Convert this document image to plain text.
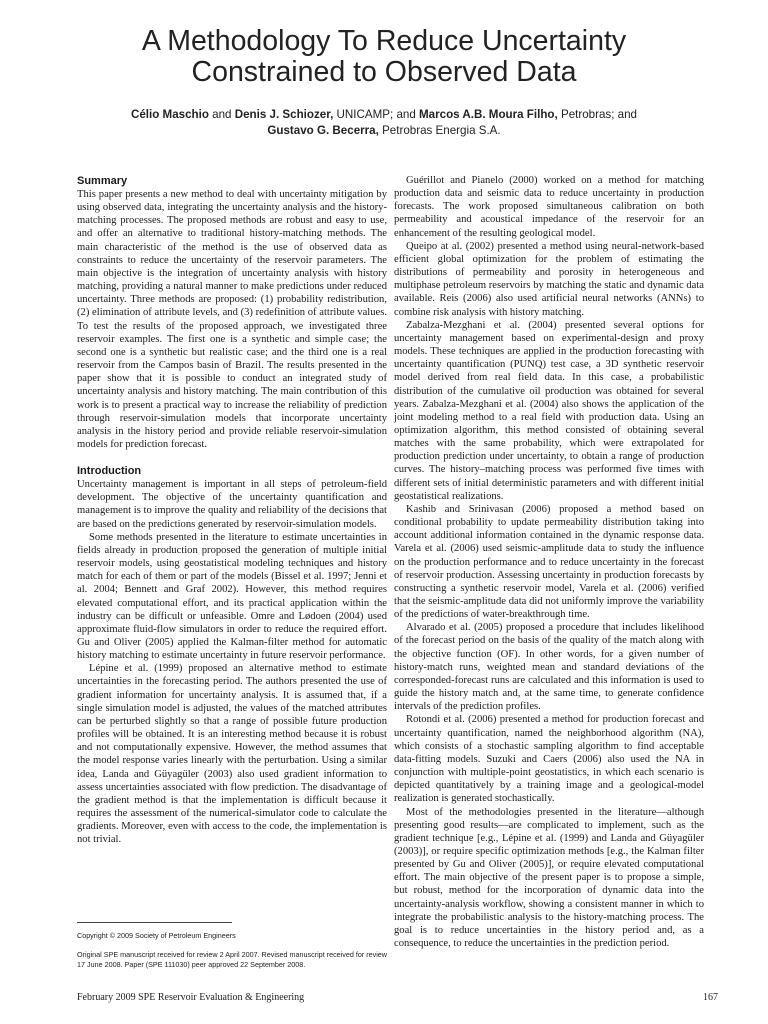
A Methodology To Reduce Uncertainty
Constrained to Observed Data
Célio Maschio and Denis J. Schiozer, UNICAMP; and Marcos A.B. Moura Filho, Petrobras; and
Gustavo G. Becerra, Petrobras Energia S.A.
Summary

This paper presents a new method to deal with uncertainty mitigation by using observed data, integrating the uncertainty analysis and the history-matching processes. The proposed methods are robust and easy to use, and offer an alternative to traditional history-matching methods. The main characteristic of the method is the use of observed data as constraints to reduce the uncertainty of the reservoir parameters. The main objective is the integration of uncertainty analysis with history matching, providing a natural manner to make predictions under reduced uncertainty. Three methods are proposed: (1) probability redistribution, (2) elimination of attribute levels, and (3) redefinition of attribute values. To test the results of the proposed approach, we investigated three reservoir examples. The first one is a synthetic and simple case; the second one is a synthetic but realistic case; and the third one is a real reservoir from the Campos basin of Brazil. The results presented in the paper show that it is possible to conduct an integrated study of uncertainty analysis and history matching. The main contribution of this work is to present a practical way to increase the reliability of prediction through reservoir-simulation models that incorporate uncertainty analysis in the history period and provide reliable reservoir-simulation models for prediction forecast.

Introduction

Uncertainty management is important in all steps of petroleum-field development. The objective of the uncertainty quantification and management is to improve the quality and reliability of the decisions that are based on the predictions generated by reservoir-simulation models.

Some methods presented in the literature to estimate uncertainties in fields already in production proposed the generation of multiple initial reservoir models, using geostatistical modeling techniques and history match for each of them or part of the models (Bissel et al. 1997; Jenni et al. 2004; Bennett and Graf 2002). However, this method requires elevated computational effort, and its practical application within the industry can be difficult or unfeasible. Omre and Lødoen (2004) used approximate fluid-flow simulators in order to reduce the required effort. Gu and Oliver (2005) applied the Kalman-filter method for automatic history matching to estimate uncertainty in future reservoir performance.

Lépine et al. (1999) proposed an alternative method to estimate uncertainties in the forecasting period. The authors presented the use of gradient information for uncertainty analysis. It is assumed that, if a single simulation model is adjusted, the values of the matched attributes can be perturbed slightly so that a range of possible future production profiles will be obtained. It is an interesting method because it is robust and not computationally expensive. However, the method assumes that the model response varies linearly with the perturbation. Using a similar idea, Landa and Güyagüler (2003) also used gradient information to assess uncertainties associated with flow prediction. The disadvantage of the gradient method is that the implementation is difficult because it requires the assessment of the numerical-simulator code to calculate the gradients. Moreover, even with access to the code, the implementation is not trivial.

Guérillot and Pianelo (2000) worked on a method for matching production data and seismic data to reduce uncertainty in production forecasts. The work proposed simultaneous calibration on both permeability and acoustical impedance of the reservoir for an enhancement of the resulting geological model.

Queipo at al. (2002) presented a method using neural-network-based efficient global optimization for the problem of estimating the distributions of permeability and porosity in heterogeneous and multiphase petroleum reservoirs by matching the static and dynamic data available. Reis (2006) also used artificial neural networks (ANNs) to combine risk analysis with history matching.

Zabalza-Mezghani et al. (2004) presented several options for uncertainty management based on experimental-design and proxy models. These techniques are applied in the production forecasting with uncertainty quantification (PUNQ) test case, a 3D synthetic reservoir model derived from real field data. In this case, a probabilistic distribution of the cumulative oil production was obtained for several years. Zabalza-Mezghani et al. (2004) also shows the application of the joint modeling method to a real field with production data. Using an optimization algorithm, this method consisted of obtaining several matches with the same probability, which were extrapolated for production prediction under uncertainty, to obtain a range of production curves. The history–matching process was performed five times with different sets of initial deterministic parameters and with different initial geostatistical realizations.

Kashib and Srinivasan (2006) proposed a method based on conditional probability to update permeability distribution taking into account additional information contained in the dynamic response data. Varela et al. (2006) used seismic-amplitude data to study the influence on the production performance and to reduce uncertainty in the forecast of reservoir production. Assessing uncertainty in production forecasts by constructing a synthetic reservoir model, Varela et al. (2006) verified that the seismic-amplitude data did not uniformly improve the variability of the predictions of water-breakthrough time.

Alvarado et al. (2005) proposed a procedure that includes likelihood of the forecast period on the basis of the quality of the match along with the objective function (OF). In other words, for a given number of history-match runs, weighted mean and standard deviations of the corresponded-forecast runs are calculated and this information is used to guide the history match and, at the same time, to generate confidence intervals of the prediction profiles.

Rotondi et al. (2006) presented a method for production forecast and uncertainty quantification, named the neighborhood algorithm (NA), which consists of a stochastic sampling algorithm to find acceptable data-fitting models. Suzuki and Caers (2006) also used the NA in conjunction with multiple-point geostatistics, in which each scenario is depicted quantitatively by a training image and a geological-model realization is generated stochastically.

Most of the methodologies presented in the literature—although presenting good results—are complicated to implement, such as the gradient technique [e.g., Lépine et al. (1999) and Landa and Güyagüler (2003)], or require specific optimization methods [e.g., the Kalman filter presented by Gu and Oliver (2005)], or require elevated computational effort. The main objective of the present paper is to propose a simple, but robust, method for the incorporation of dynamic data into the uncertainty-analysis workflow, showing a consistent manner in which to integrate the probabilistic analysis to the history-matching process. The goal is to reduce uncertainties in the history period and, as a consequence, to reduce the uncertainties in the prediction period.

Copyright © 2009 Society of Petroleum Engineers
Original SPE manuscript received for review 2 April 2007. Revised manuscript received for review 17 June 2008. Paper (SPE 111030) peer approved 22 September 2008.
February 2009 SPE Reservoir Evaluation & Engineering	167
